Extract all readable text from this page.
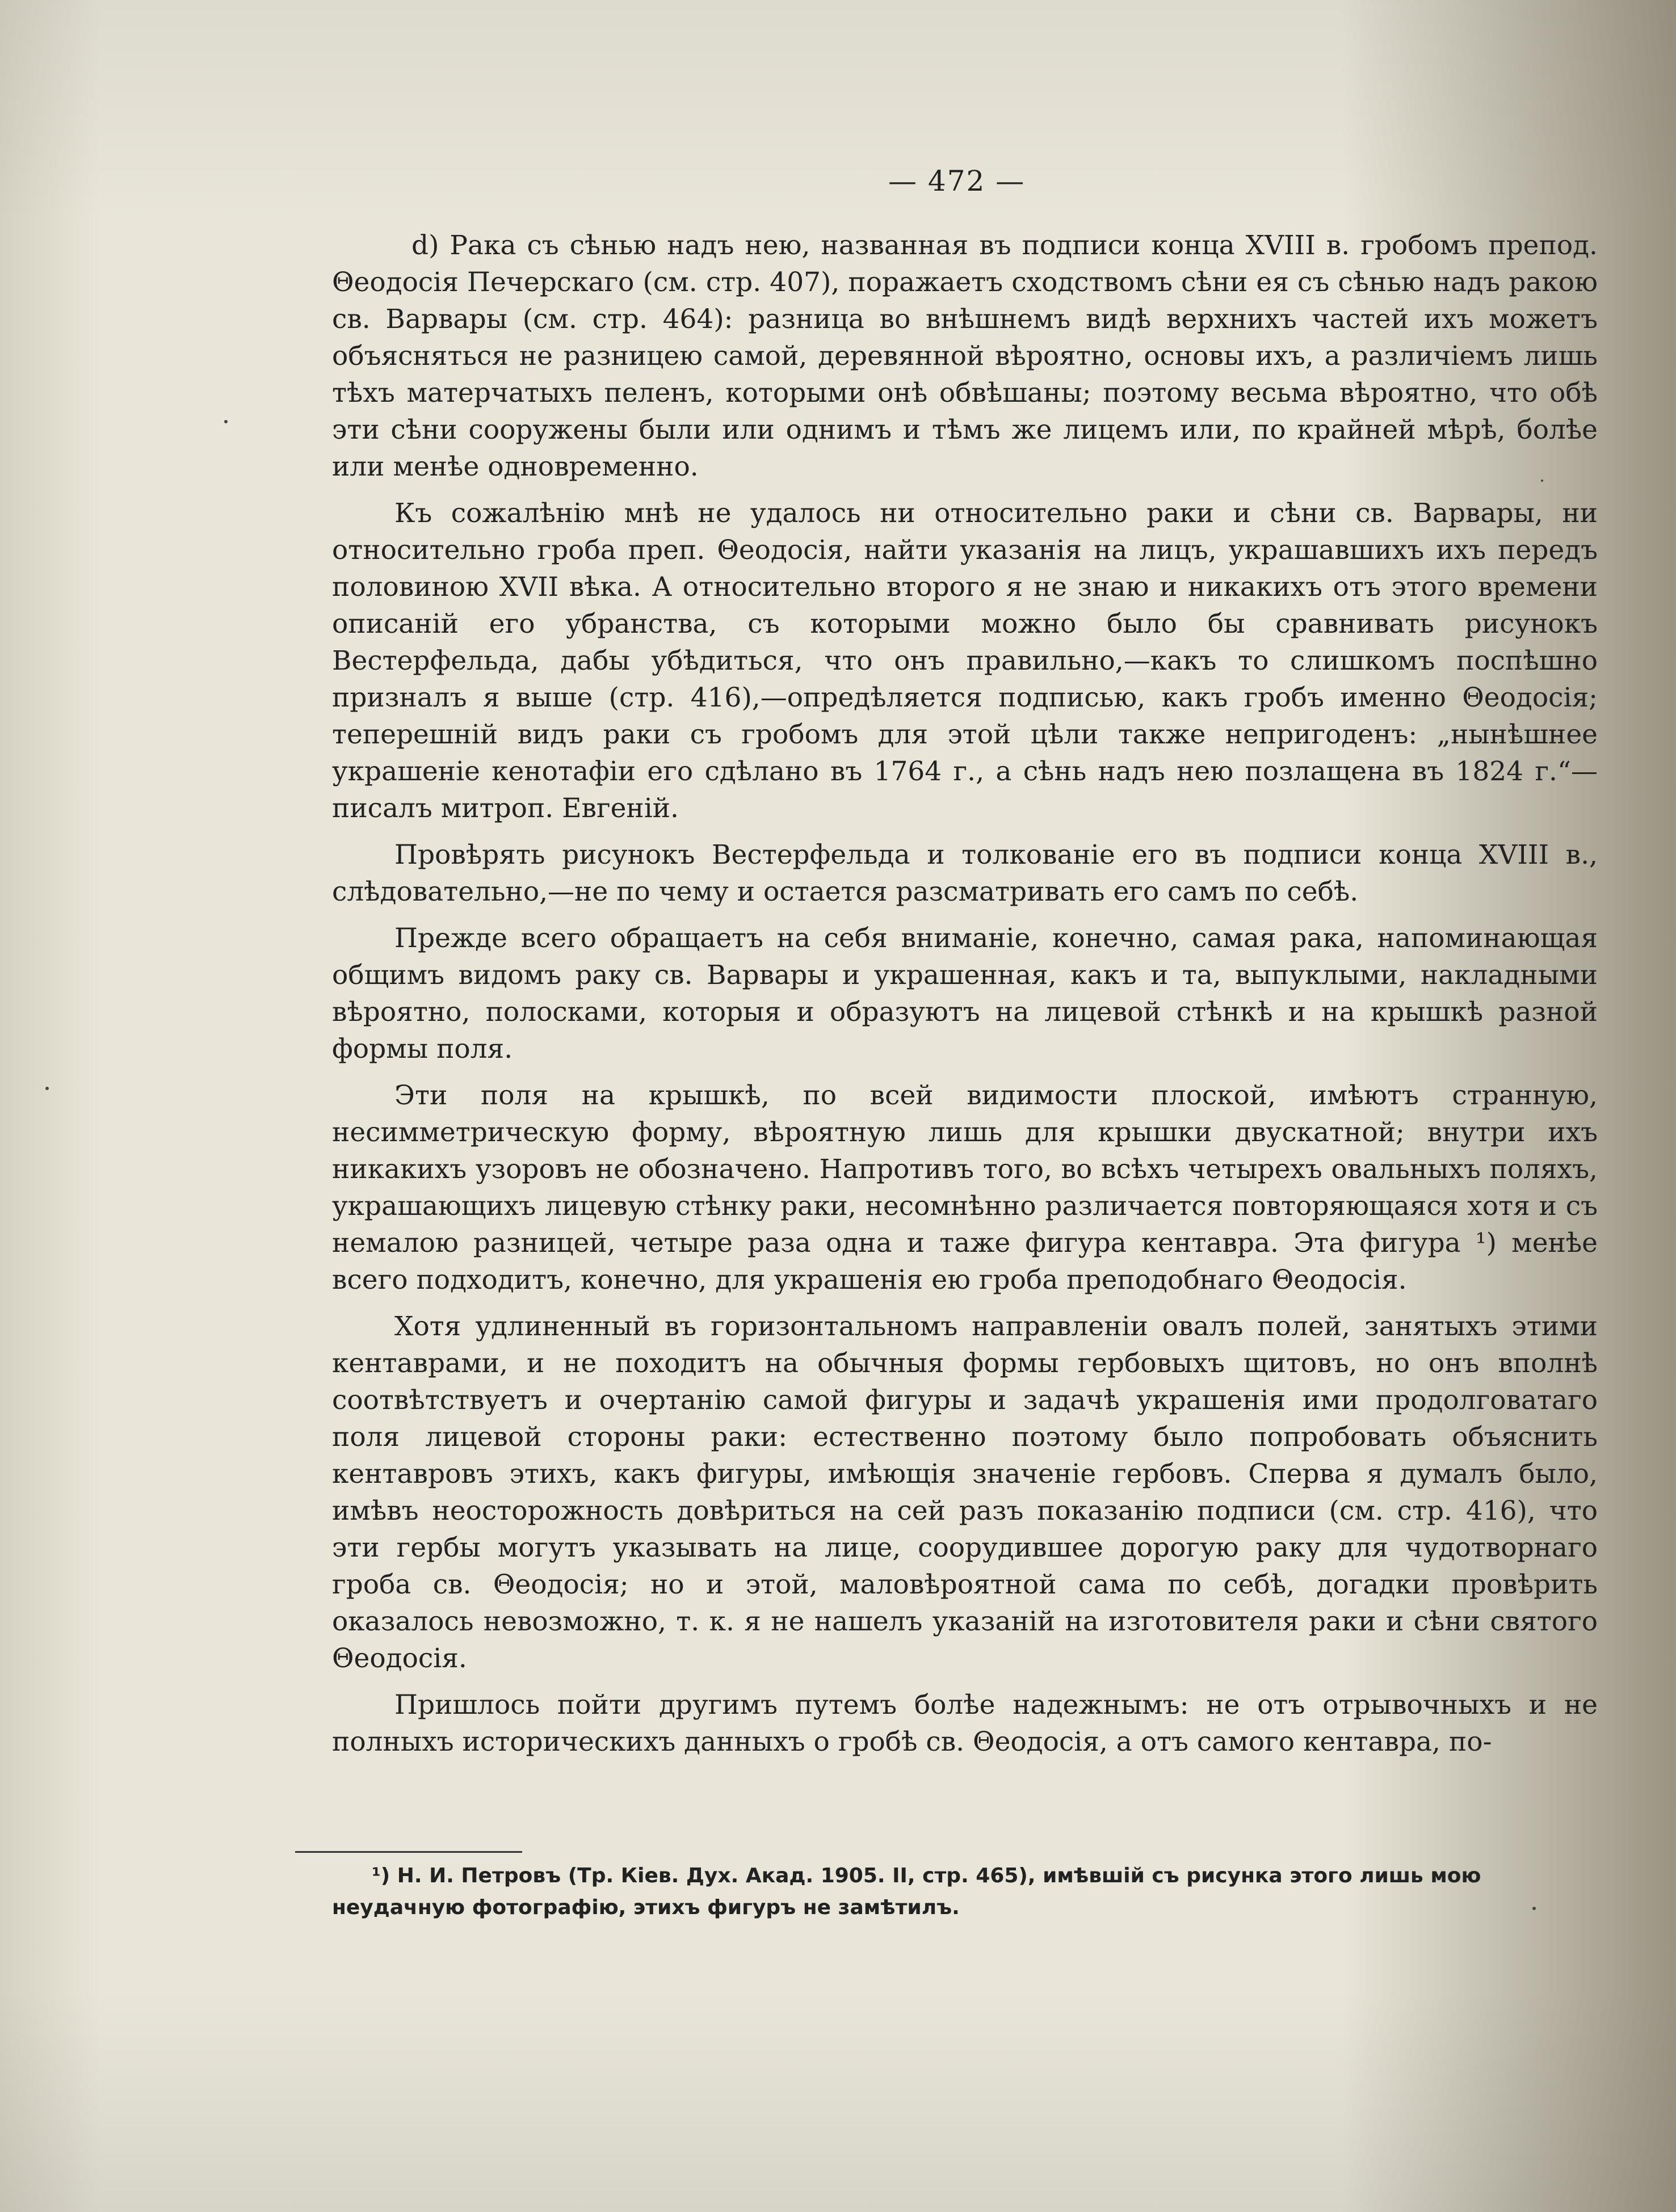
— 472 —

d) Рака съ сѣнью надъ нею, названная въ подписи конца XVIII в. гробомъ препод. Θеодосія Печерскаго (см. стр. 407), поражаетъ сходствомъ сѣни ея съ сѣнью надъ ракою св. Варвары (см. стр. 464): разница во внѣшнемъ видѣ верхнихъ частей ихъ можетъ объясняться не разницею самой, деревянной вѣроятно, основы ихъ, а различіемъ лишь тѣхъ матерчатыхъ пеленъ, которыми онѣ обвѣшаны; поэтому весьма вѣроятно, что обѣ эти сѣни сооружены были или однимъ и тѣмъ же лицемъ или, по крайней мѣрѣ, болѣе или менѣе одновременно.

Къ сожалѣнію мнѣ не удалось ни относительно раки и сѣни св. Варвары, ни относительно гроба преп. Θеодосія, найти указанія на лицъ, украшавшихъ ихъ передъ половиною XVII вѣка. А относительно второго я не знаю и никакихъ отъ этого времени описаній его убранства, съ которыми можно было бы сравнивать рисунокъ Вестерфельда, дабы убѣдиться, что онъ правильно,—какъ то слишкомъ поспѣшно призналъ я выше (стр. 416),—опредѣляется подписью, какъ гробъ именно Θеодосія; теперешній видъ раки съ гробомъ для этой цѣли также непригоденъ: „нынѣшнее украшеніе кенотафіи его сдѣлано въ 1764 г., а сѣнь надъ нею позлащена въ 1824 г.“— писалъ митроп. Евгеній.

Провѣрять рисунокъ Вестерфельда и толкованіе его въ подписи конца XVIII в., слѣдовательно,—не по чему и остается разсматривать его самъ по себѣ.

Прежде всего обращаетъ на себя вниманіе, конечно, самая рака, напоминающая общимъ видомъ раку св. Варвары и украшенная, какъ и та, выпуклыми, накладными вѣроятно, полосками, которыя и образуютъ на лицевой стѣнкѣ и на крышкѣ разной формы поля.

Эти поля на крышкѣ, по всей видимости плоской, имѣютъ странную, несимметрическую форму, вѣроятную лишь для крышки двускатной; внутри ихъ никакихъ узоровъ не обозначено. Напротивъ того, во всѣхъ четырехъ овальныхъ поляхъ, украшающихъ лицевую стѣнку раки, несомнѣнно различается повторяющаяся хотя и съ немалою разницей, четыре раза одна и таже фигура кентавра. Эта фигура ¹) менѣе всего подходитъ, конечно, для украшенія ею гроба преподобнаго Θеодосія.

Хотя удлиненный въ горизонтальномъ направленіи овалъ полей, занятыхъ этими кентаврами, и не походитъ на обычныя формы гербовыхъ щитовъ, но онъ вполнѣ соотвѣтствуетъ и очертанію самой фигуры и задачѣ украшенія ими продолговатаго поля лицевой стороны раки: естественно поэтому было попробовать объяснить кентавровъ этихъ, какъ фигуры, имѣющія значеніе гербовъ. Сперва я думалъ было, имѣвъ неосторожность довѣриться на сей разъ показанію подписи (см. стр. 416), что эти гербы могутъ указывать на лице, соорудившее дорогую раку для чудотворнаго гроба св. Θеодосія; но и этой, маловѣроятной сама по себѣ, догадки провѣрить оказалось невозможно, т. к. я не нашелъ указаній на изготовителя раки и сѣни святого Θеодосія.

Пришлось пойти другимъ путемъ болѣе надежнымъ: не отъ отрывочныхъ и не полныхъ историческихъ данныхъ о гробѣ св. Θеодосія, а отъ самого кентавра, по-

¹) Н. И. Петровъ (Тр. Кіев. Дух. Акад. 1905. II, стр. 465), имѣвшій съ рисунка этого лишь мою неудачную фотографію, этихъ фигуръ не замѣтилъ.
